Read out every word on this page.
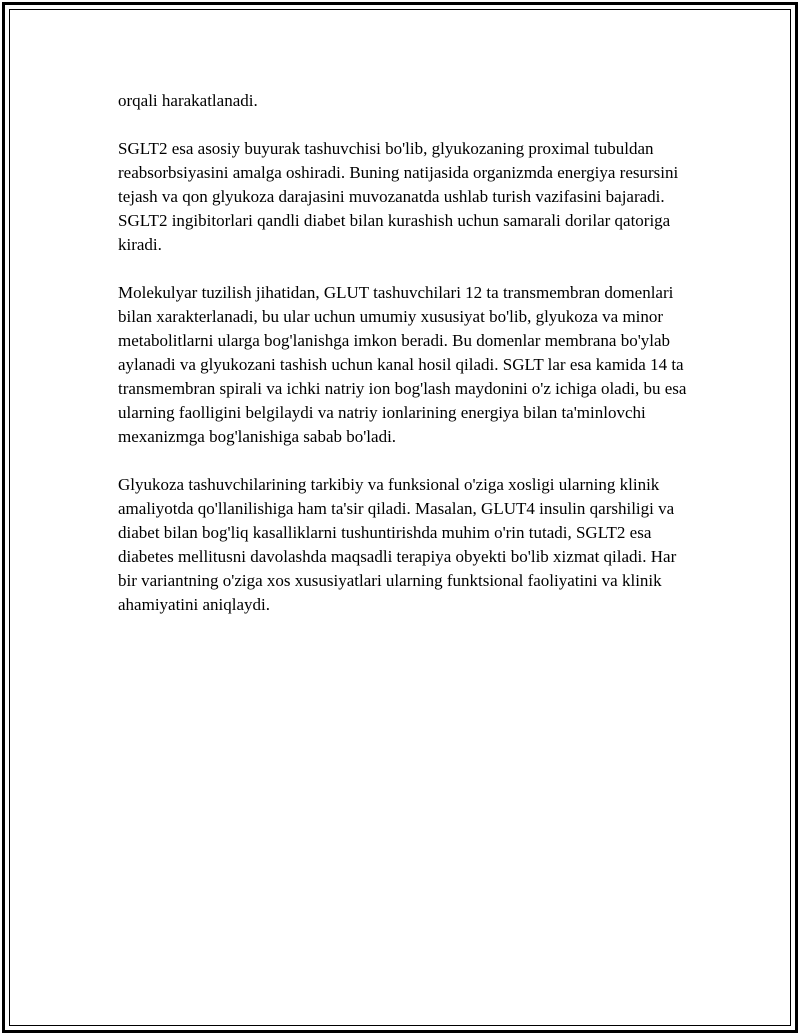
orqali harakatlanadi.

SGLT2 esa asosiy buyurak tashuvchisi bo'lib, glyukozaning proximal tubuldan reabsorbsiyasini amalga oshiradi. Buning natijasida organizmda energiya resursini tejash va qon glyukoza darajasini muvozanatda ushlab turish vazifasini bajaradi. SGLT2 ingibitorlari qandli diabet bilan kurashish uchun samarali dorilar qatoriga kiradi.

Molekulyar tuzilish jihatidan, GLUT tashuvchilari 12 ta transmembran domenlari bilan xarakterlanadi, bu ular uchun umumiy xususiyat bo'lib, glyukoza va minor metabolitlarni ularga bog'lanishga imkon beradi. Bu domenlar membrana bo'ylab aylanadi va glyukozani tashish uchun kanal hosil qiladi. SGLT lar esa kamida 14 ta transmembran spirali va ichki natriy ion bog'lash maydonini o'z ichiga oladi, bu esa ularning faolligini belgilaydi va natriy ionlarining energiya bilan ta'minlovchi mexanizmga bog'lanishiga sabab bo'ladi.

Glyukoza tashuvchilarining tarkibiy va funksional o'ziga xosligi ularning klinik amaliyotda qo'llanilishiga ham ta'sir qiladi. Masalan, GLUT4 insulin qarshiligi va diabet bilan bog'liq kasalliklarni tushuntirishda muhim o'rin tutadi, SGLT2 esa diabetes mellitusni davolashda maqsadli terapiya obyekti bo'lib xizmat qiladi. Har bir variantning o'ziga xos xususiyatlari ularning funktsional faoliyatini va klinik ahamiyatini aniqlaydi.
